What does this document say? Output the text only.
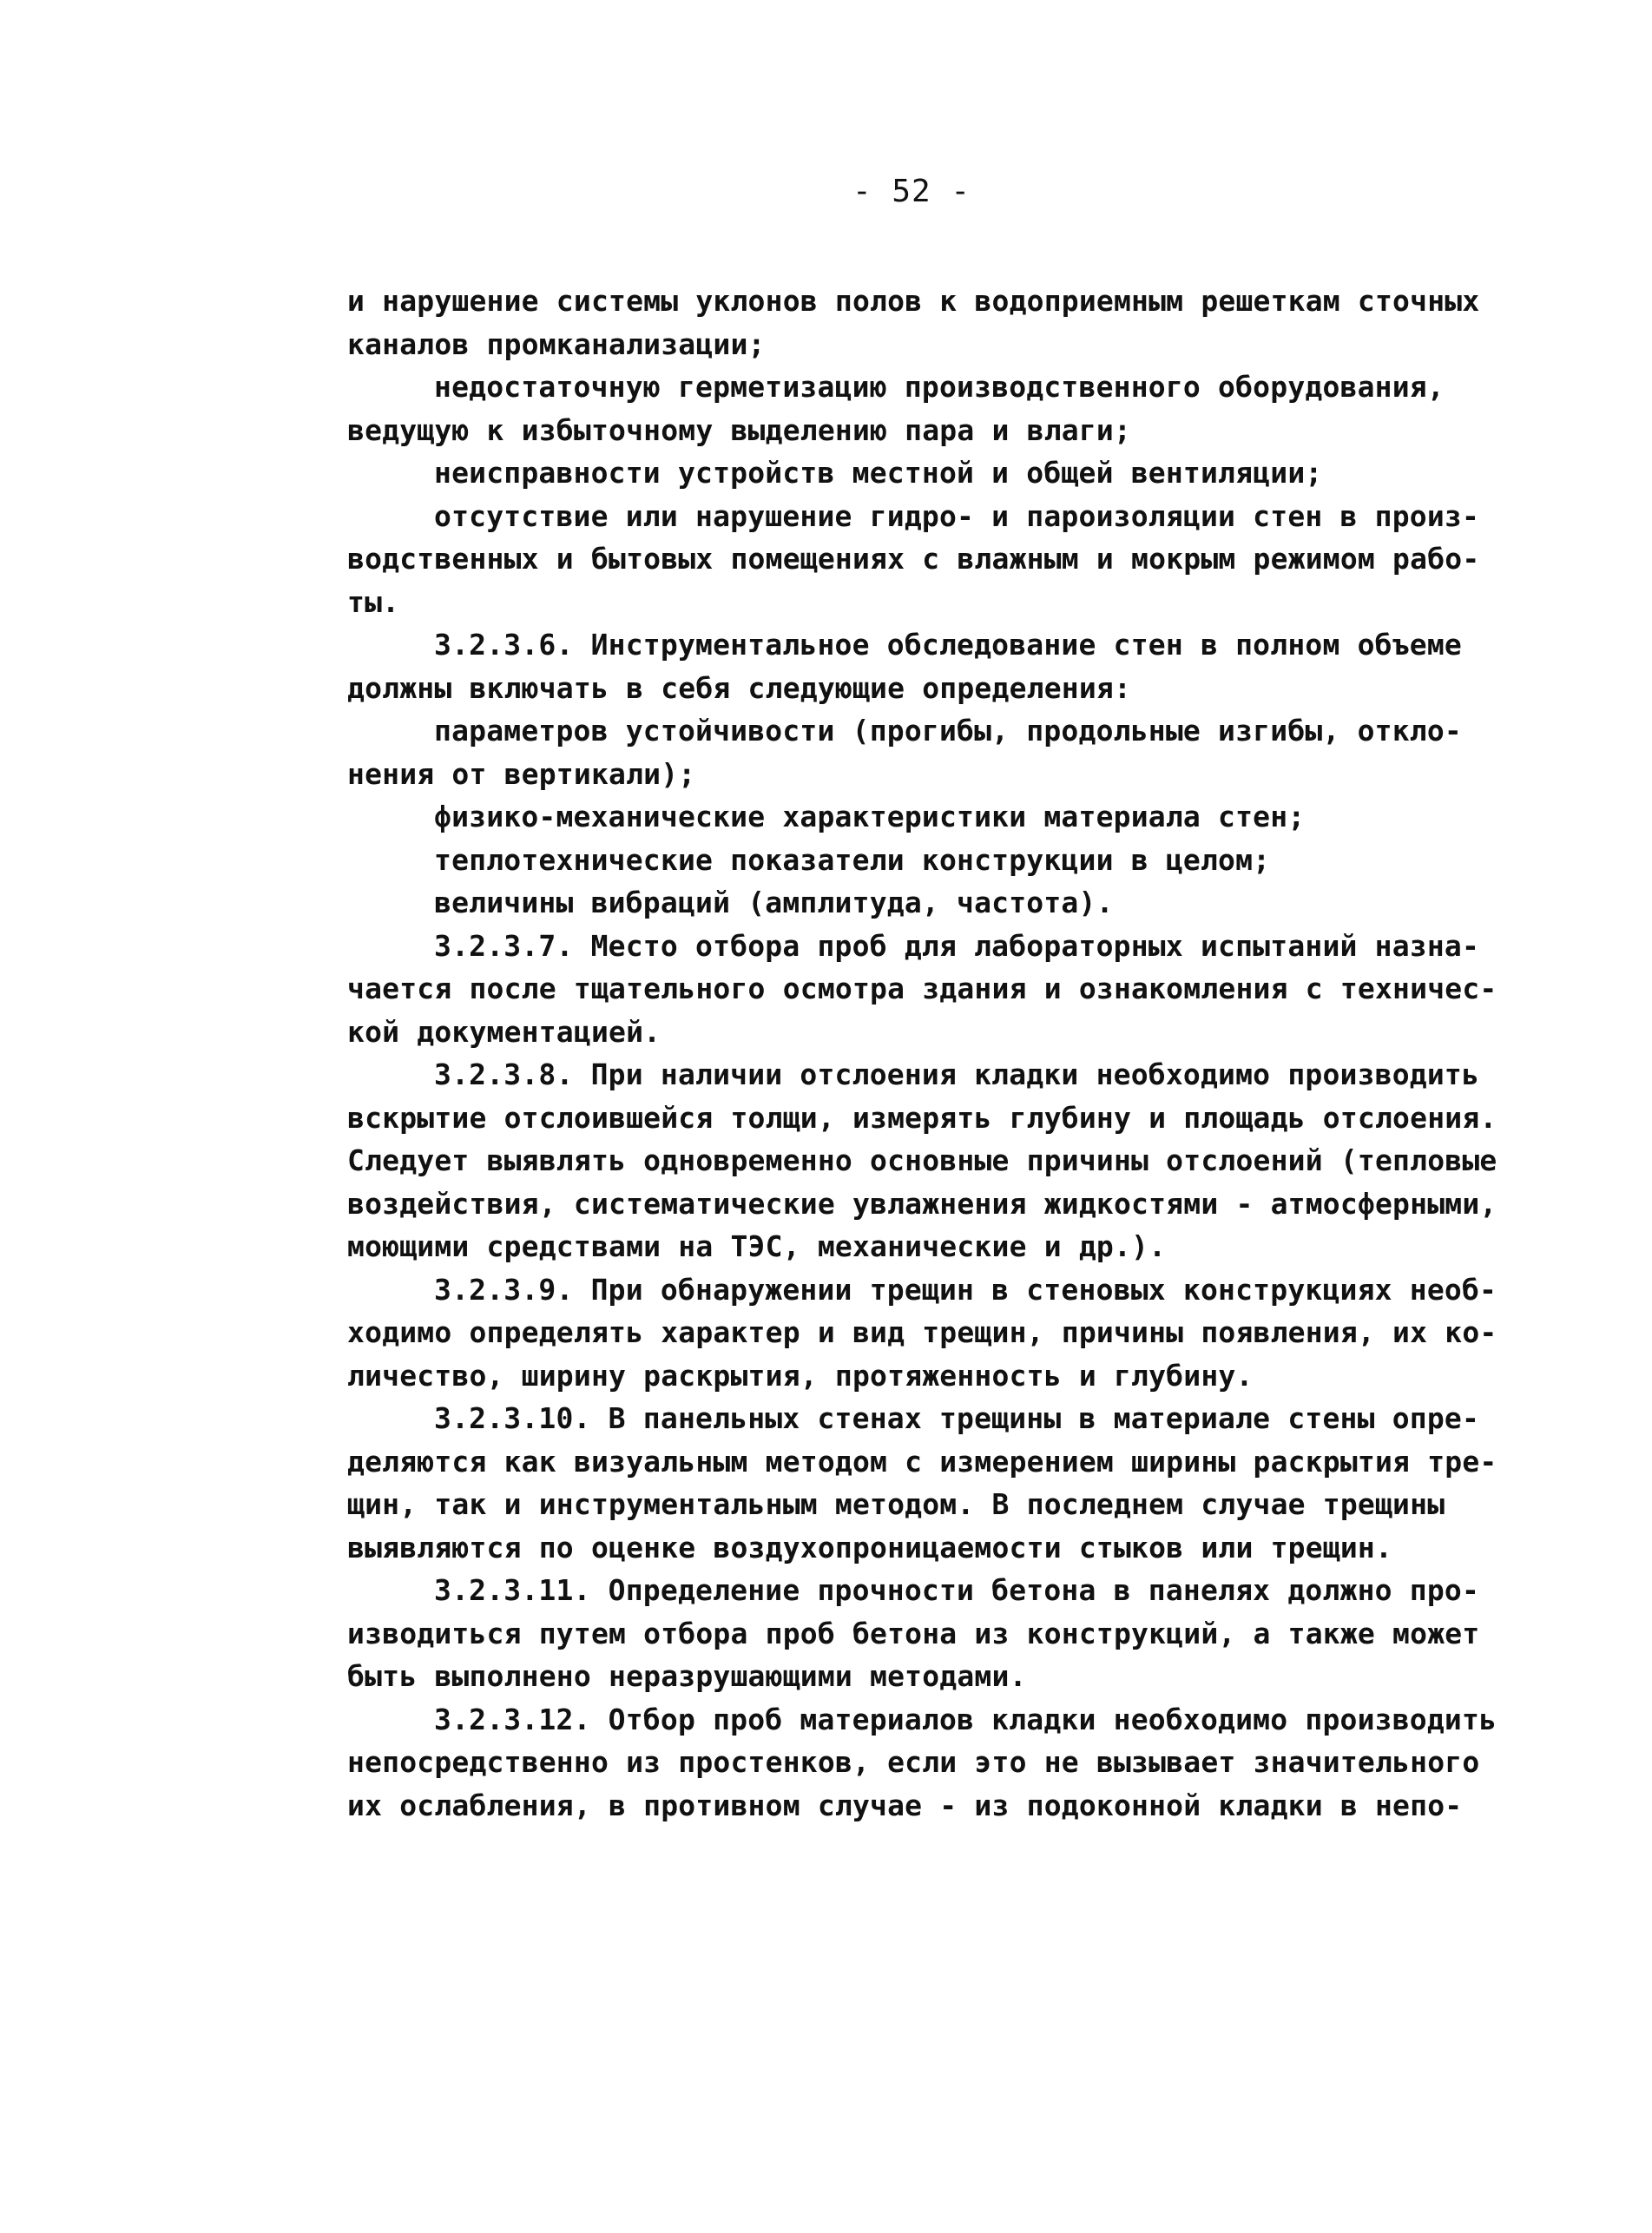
- 52 -
и нарушение системы уклонов полов к водоприемным решеткам сточных
каналов промканализации;
недостаточную герметизацию производственного оборудования,
ведущую к избыточному выделению пара и влаги;
неисправности устройств местной и общей вентиляции;
отсутствие или нарушение гидро- и пароизоляции стен в произ-
водственных и бытовых помещениях с влажным и мокрым режимом рабо-
ты.
3.2.3.6. Инструментальное обследование стен в полном объеме
должны включать в себя следующие определения:
параметров устойчивости (прогибы, продольные изгибы, откло-
нения от вертикали);
физико-механические характеристики материала стен;
теплотехнические показатели конструкции в целом;
величины вибраций (амплитуда, частота).
3.2.3.7. Место отбора проб для лабораторных испытаний назна-
чается после тщательного осмотра здания и ознакомления с техничес-
кой документацией.
3.2.3.8. При наличии отслоения кладки необходимо производить
вскрытие отслоившейся толщи, измерять глубину и площадь отслоения.
Следует выявлять одновременно основные причины отслоений (тепловые
воздействия, систематические увлажнения жидкостями - атмосферными,
моющими средствами на ТЭС, механические и др.).
3.2.3.9. При обнаружении трещин в стеновых конструкциях необ-
ходимо определять характер и вид трещин, причины появления, их ко-
личество, ширину раскрытия, протяженность и глубину.
3.2.3.10. В панельных стенах трещины в материале стены опре-
деляются как визуальным методом с измерением ширины раскрытия тре-
щин, так и инструментальным методом. В последнем случае трещины
выявляются по оценке воздухопроницаемости стыков или трещин.
3.2.3.11. Определение прочности бетона в панелях должно про-
изводиться путем отбора проб бетона из конструкций, а также может
быть выполнено неразрушающими методами.
3.2.3.12. Отбор проб материалов кладки необходимо производить
непосредственно из простенков, если это не вызывает значительного
их ослабления, в противном случае - из подоконной кладки в непо-
